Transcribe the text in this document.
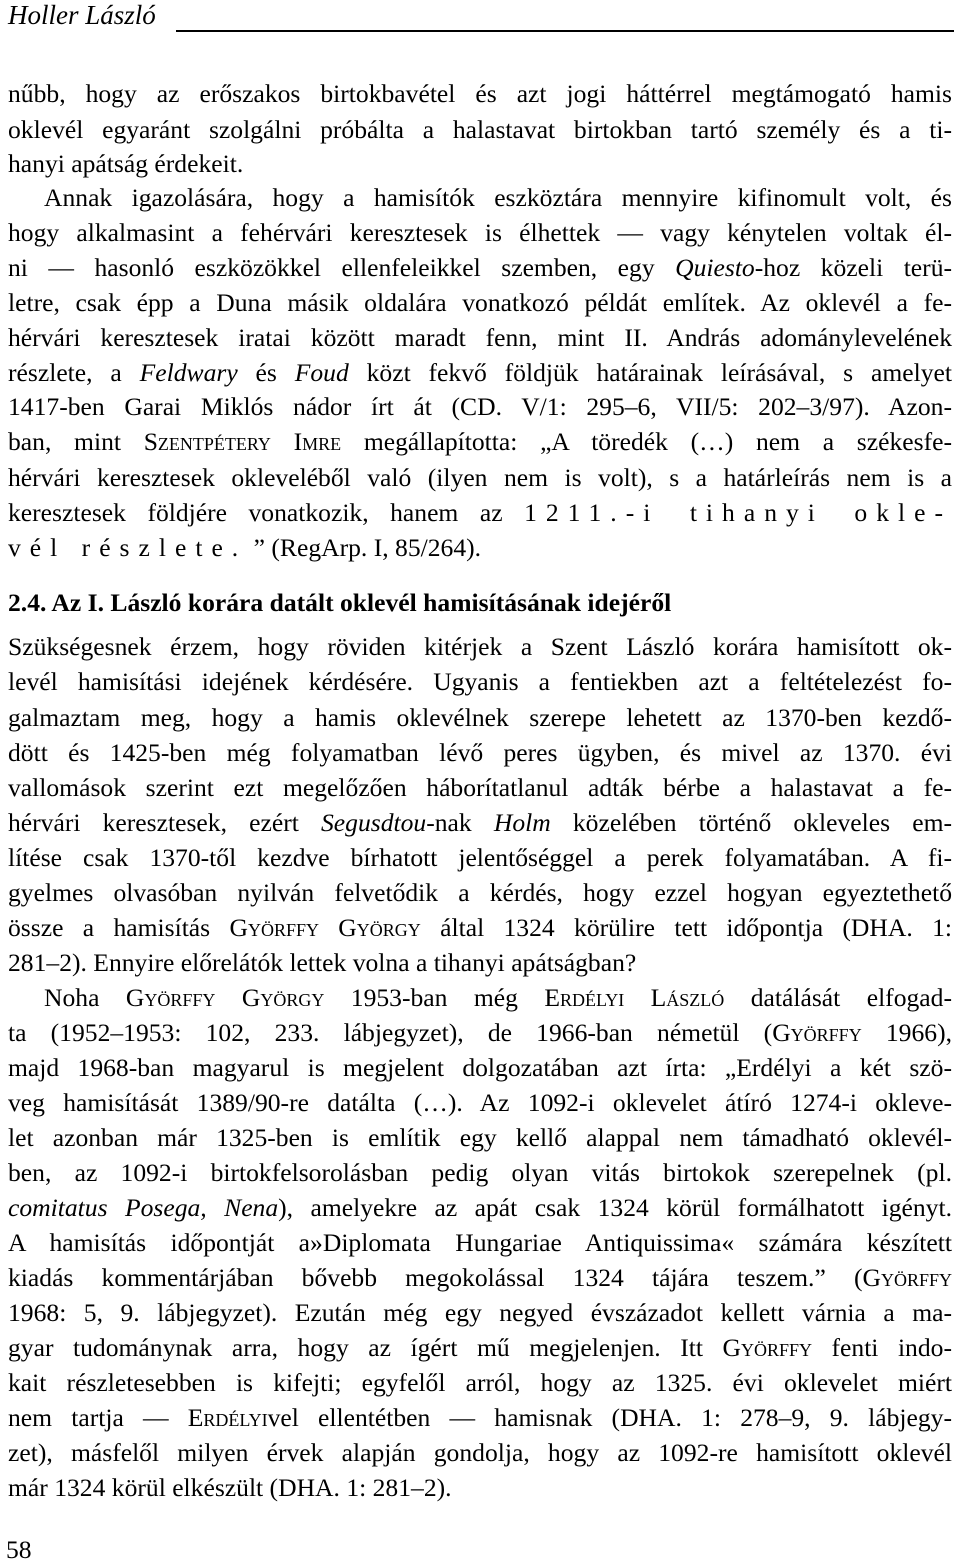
Holler László
nűbb, hogy az erőszakos birtokbavétel és azt jogi háttérrel megtámogató hamis
oklevél egyaránt szolgálni próbálta a halastavat birtokban tartó személy és a ti-
hanyi apátság érdekeit.
Annak igazolására, hogy a hamisítók eszköztára mennyire kifinomult volt, és
hogy alkalmasint a fehérvári keresztesek is élhettek — vagy kénytelen voltak él-
ni — hasonló eszközökkel ellenfeleikkel szemben, egy Quiesto-hoz közeli terü-
letre, csak épp a Duna másik oldalára vonatkozó példát említek. Az oklevél a fe-
hérvári keresztesek iratai között maradt fenn, mint II. András adománylevelének
részlete, a Feldwary és Foud közt fekvő földjük határainak leírásával, s amelyet
1417-ben Garai Miklós nádor írt át (CD. V/1: 295–6, VII/5: 202–3/97). Azon-
ban, mint Szentpétery Imre megállapította: „A töredék (…) nem a székesfe-
hérvári keresztesek okleveléből való (ilyen nem is volt), s a határleírás nem is a
keresztesek földjére vonatkozik, hanem az 1211.-i tihanyi okle-
vél részlete. ” (RegArp. I, 85/264).
2.4. Az I. László korára datált oklevél hamisításának idejéről
Szükségesnek érzem, hogy röviden kitérjek a Szent László korára hamisított ok-
levél hamisítási idejének kérdésére. Ugyanis a fentiekben azt a feltételezést fo-
galmaztam meg, hogy a hamis oklevélnek szerepe lehetett az 1370-ben kezdő-
dött és 1425-ben még folyamatban lévő peres ügyben, és mivel az 1370. évi
vallomások szerint ezt megelőzően háborítatlanul adták bérbe a halastavat a fe-
hérvári keresztesek, ezért Segusdtou-nak Holm közelében történő okleveles em-
lítése csak 1370-től kezdve bírhatott jelentőséggel a perek folyamatában. A fi-
gyelmes olvasóban nyilván felvetődik a kérdés, hogy ezzel hogyan egyeztethető
össze a hamisítás Györffy György által 1324 körülire tett időpontja (DHA. 1:
281–2). Ennyire előrelátók lettek volna a tihanyi apátságban?
Noha Györffy György 1953-ban még Erdélyi László datálását elfogad-
ta (1952–1953: 102, 233. lábjegyzet), de 1966-ban németül (Györffy 1966),
majd 1968-ban magyarul is megjelent dolgozatában azt írta: „Erdélyi a két szö-
veg hamisítását 1389/90-re datálta (…). Az 1092-i oklevelet átíró 1274-i okleve-
let azonban már 1325-ben is említik egy kellő alappal nem támadható oklevél-
ben, az 1092-i birtokfelsorolásban pedig olyan vitás birtokok szerepelnek (pl.
comitatus Posega, Nena), amelyekre az apát csak 1324 körül formálhatott igényt.
A hamisítás időpontját a»Diplomata Hungariae Antiquissima« számára készített
kiadás kommentárjában bővebb megokolással 1324 tájára teszem.” (Györffy
1968: 5, 9. lábjegyzet). Ezután még egy negyed évszázadot kellett várnia a ma-
gyar tudománynak arra, hogy az ígért mű megjelenjen. Itt Györffy fenti indo-
kait részletesebben is kifejti; egyfelől arról, hogy az 1325. évi oklevelet miért
nem tartja — Erdélyivel ellentétben — hamisnak (DHA. 1: 278–9, 9. lábjegy-
zet), másfelől milyen érvek alapján gondolja, hogy az 1092-re hamisított oklevél
már 1324 körül elkészült (DHA. 1: 281–2).
58
